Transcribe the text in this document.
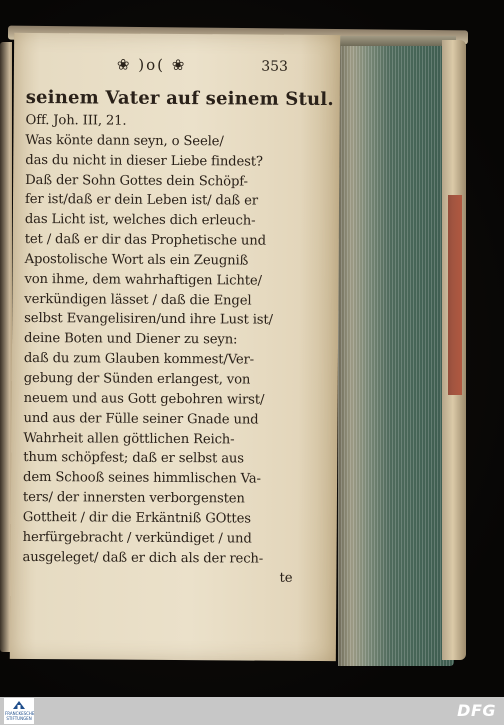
❀ )o( ❀	353
seinem Vater auf seinem Stul.
Off. Joh. III, 21.
Was könte dann seyn, o Seele/
das du nicht in dieser Liebe findest?
Daß der Sohn Gottes dein Schöpf-
fer ist/daß er dein Leben ist/ daß er
das Licht ist, welches dich erleuch-
tet / daß er dir das Prophetische und
Apostolische Wort als ein Zeugniß
von ihme, dem wahrhaftigen Lichte/
verkündigen lässet / daß die Engel
selbst Evangelisiren/und ihre Lust ist/
deine Boten und Diener zu seyn:
daß du zum Glauben kommest/Ver-
gebung der Sünden erlangest, von
neuem und aus Gott gebohren wirst/
und aus der Fülle seiner Gnade und
Wahrheit allen göttlichen Reich-
thum schöpfest; daß er selbst aus
dem Schooß seines himmlischen Va-
ters/ der innersten verborgensten
Gottheit / dir die Erkäntniß GOttes
herfürgebracht / verkündiget / und
ausgeleget/ daß er dich als der rech-
te
FRANCKESCHE
STIFTUNGEN	DFG
